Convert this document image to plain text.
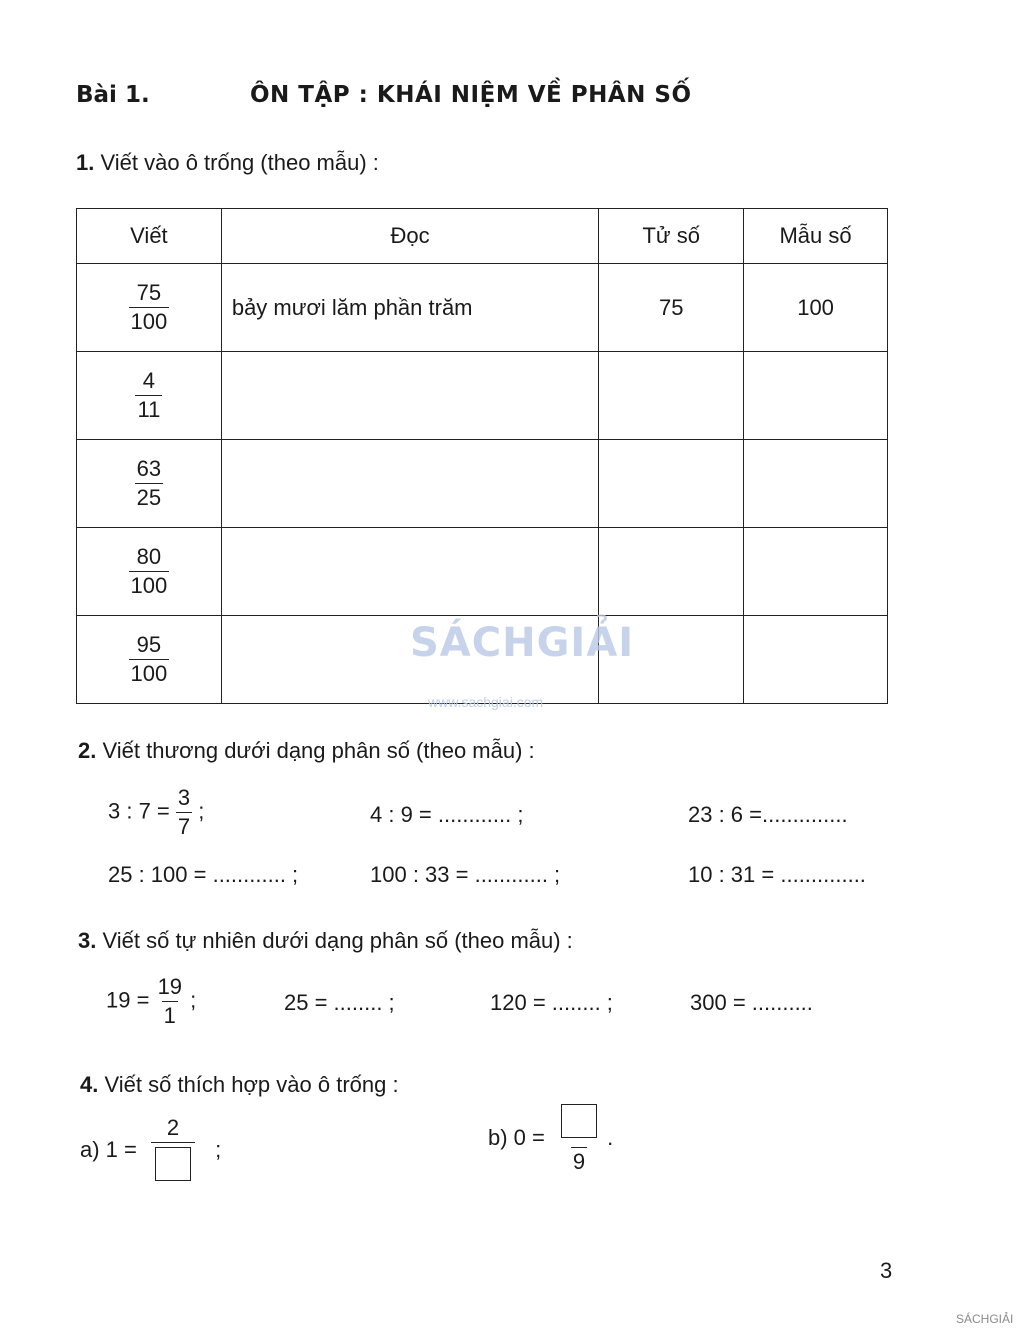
Bài 1.	ÔN TẬP : KHÁI NIỆM VỀ PHÂN SỐ
1. Viết vào ô trống (theo mẫu) :
Viết	Đọc	Tử số	Mẫu số

$\frac{75}{100}$	bảy mươi lăm phần trăm	75	100

$\frac{4}{11}$

$\frac{63}{25}$

$\frac{80}{100}$

$\frac{95}{100}$
				SÁCHGIẢI
www.sachgiai.com
2. Viết thương dưới dạng phân số (theo mẫu) :
3 : $7 = \frac{3}{7}$ ;	4 : 9 = ............ ;	23 : 6 =..............
25 : 100 = ............ ;	100 : 33 = ............ ;	10 : 31 = ..............
3. Viết số tự nhiên dưới dạng phân số (theo mẫu) :
$19 = \frac{19}{1}$ ;	25 = ........ ;	120 = ........ ;	300 = ..........
4. Viết số thích hợp vào ô trống :
a) 1 =
2
;	b) 0 =
9
.
3
SÁCHGIẢI
